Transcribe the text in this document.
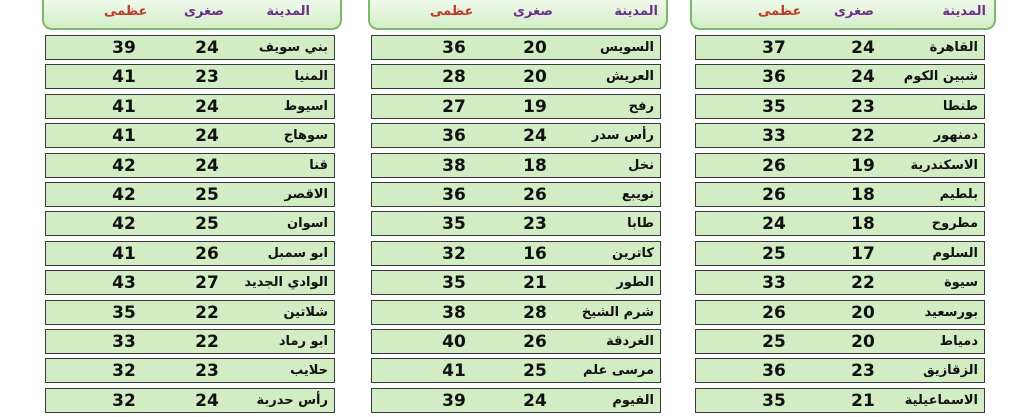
المدينة
صغرى
عظمى
القاهرة
24
37
شبين الكوم
24
36
طنطا
23
35
دمنهور
22
33
الاسكندرية
19
26
بلطيم
18
26
مطروح
18
24
السلوم
17
25
سيوة
22
33
بورسعيد
20
26
دمياط
20
25
الزقازيق
23
36
الاسماعيلية
21
35
المدينة
صغرى
عظمى
السويس
20
36
العريش
20
28
رفح
19
27
رأس سدر
24
36
نخل
18
38
نويبع
26
36
طابا
23
35
كاترين
16
32
الطور
21
35
شرم الشيخ
28
38
الغردقة
26
40
مرسى علم
25
41
الفيوم
24
39
المدينة
صغرى
عظمى
بني سويف
24
39
المنيا
23
41
اسيوط
24
41
سوهاج
24
41
قنا
24
42
الاقصر
25
42
اسوان
25
42
ابو سمبل
26
41
الوادي الجديد
27
43
شلاتين
22
35
ابو رماد
22
33
حلايب
23
32
رأس حدربة
24
32
